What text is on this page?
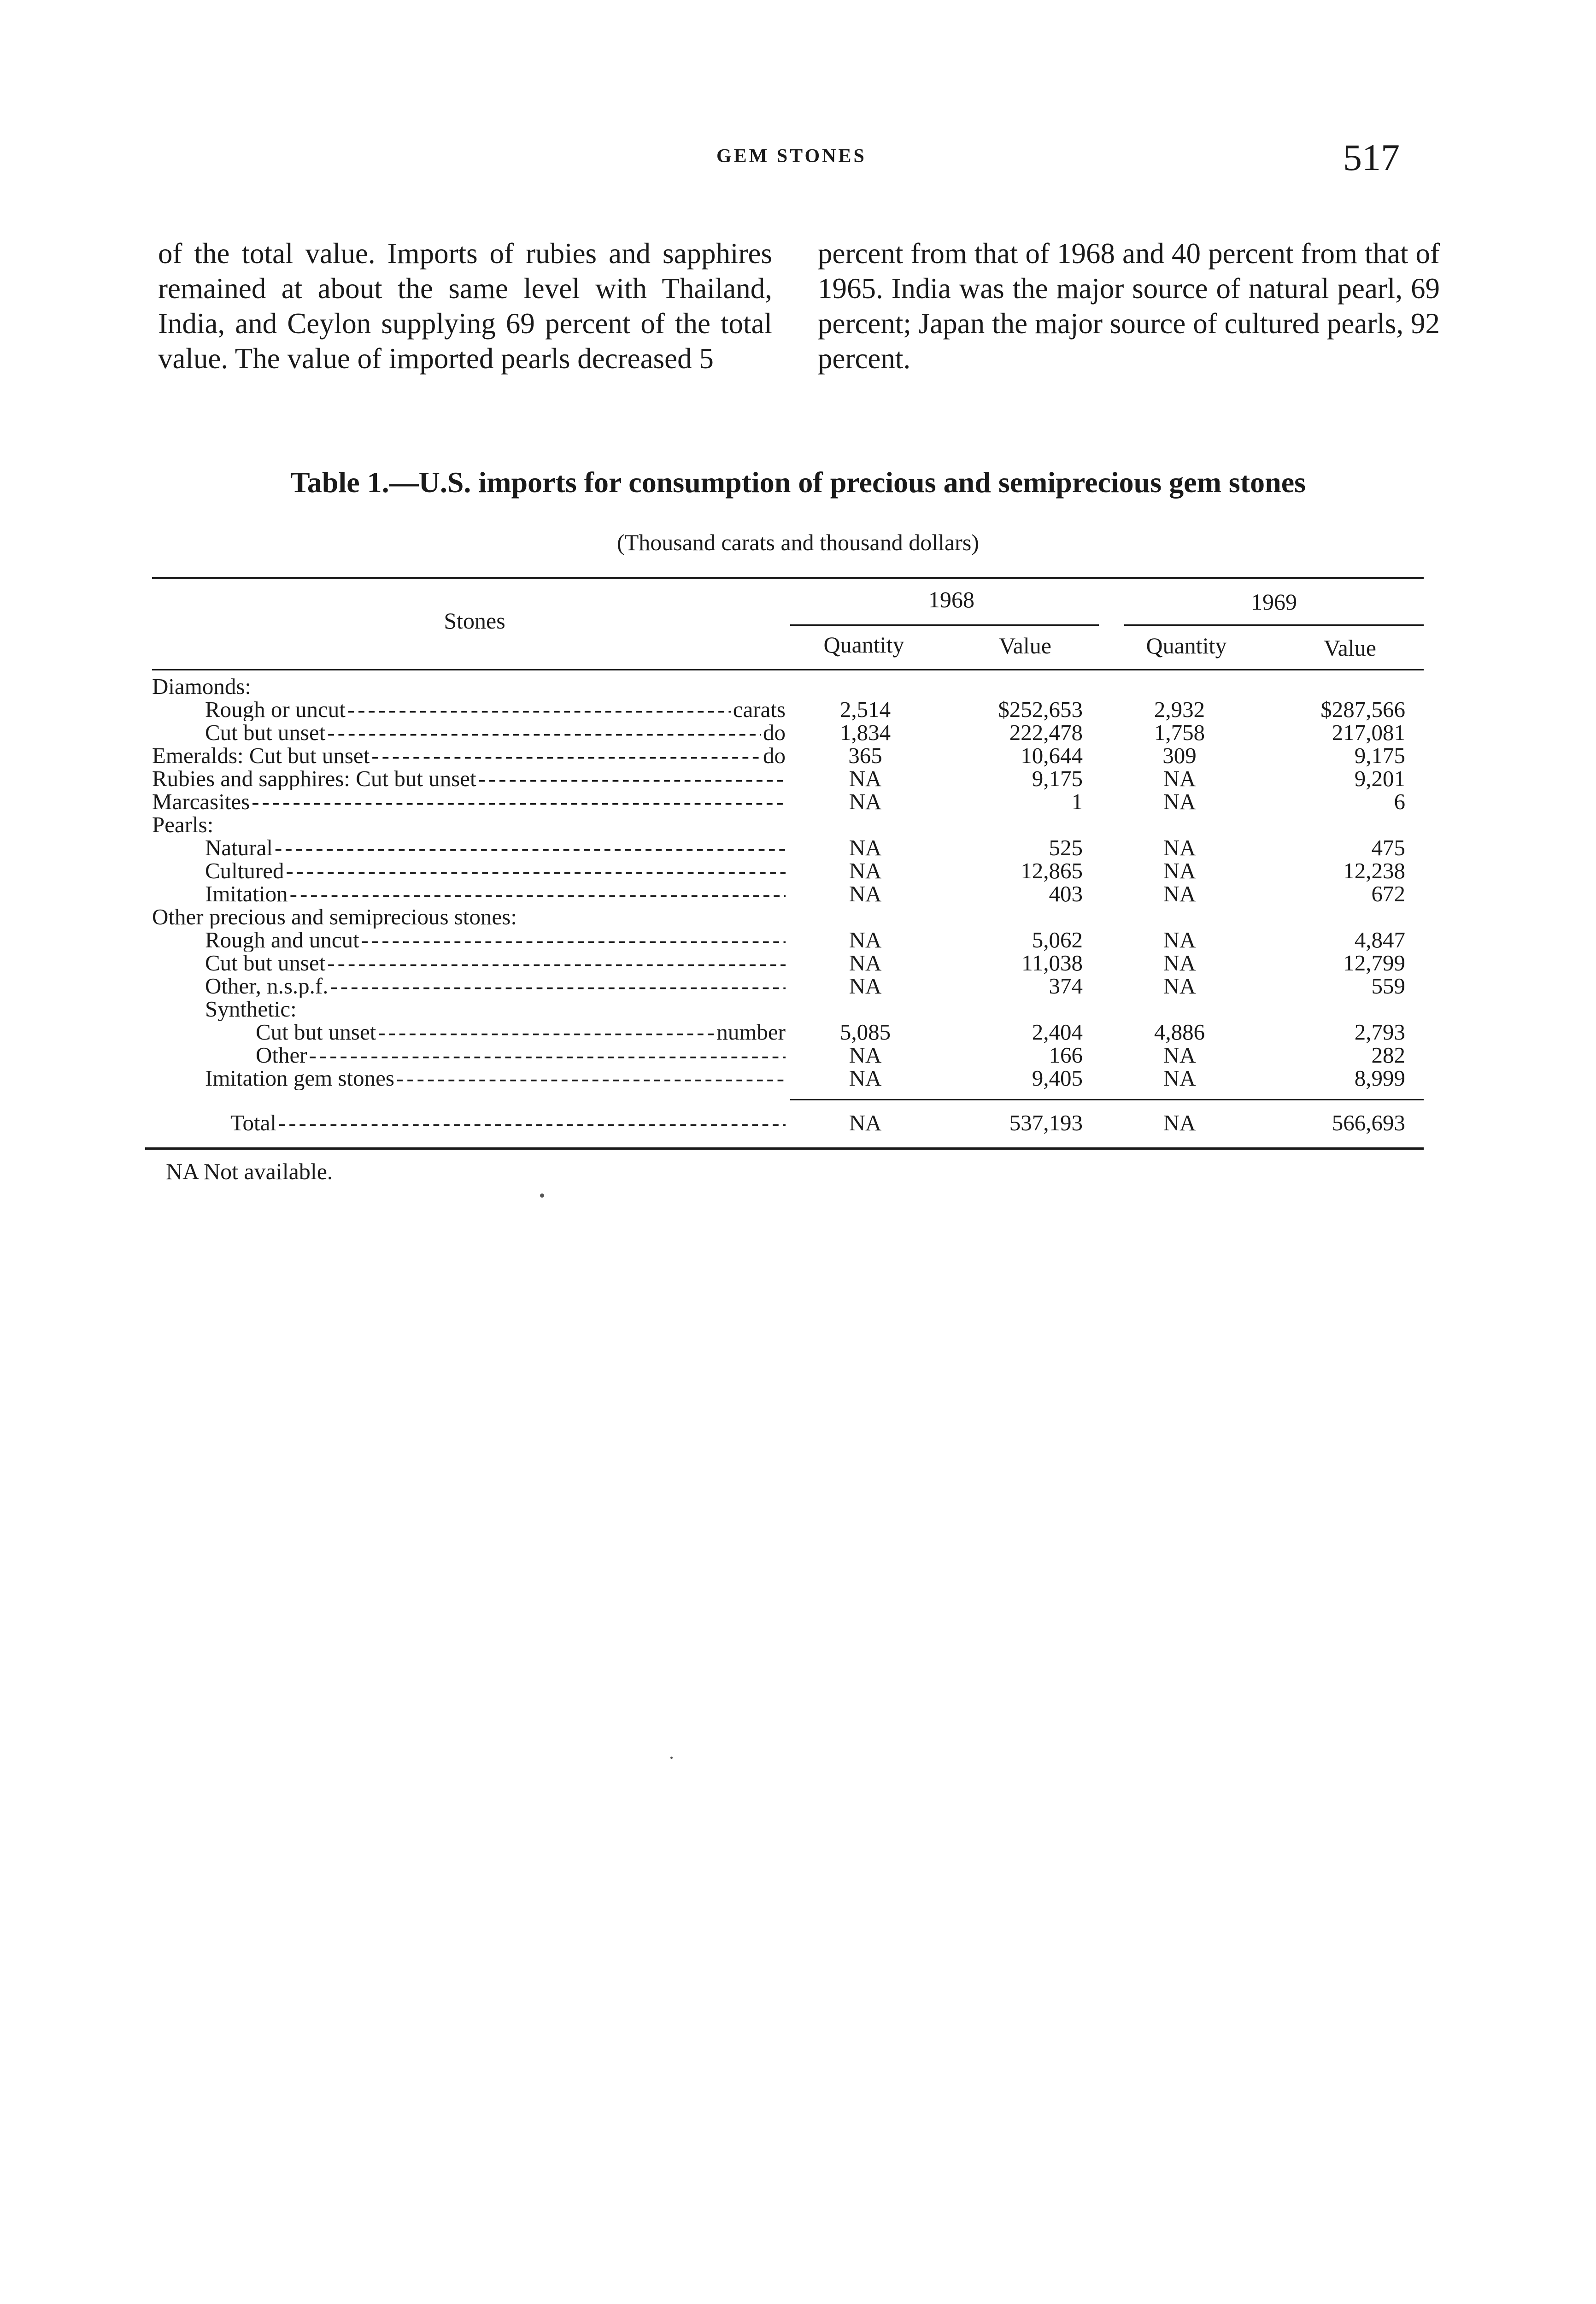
GEM STONES	517
of the total value. Imports of rubies and sapphires remained at about the same level with Thailand, India, and Ceylon supplying 69 percent of the total value. The value of imported pearls decreased 5
percent from that of 1968 and 40 percent from that of 1965. India was the major source of natural pearl, 69 percent; Japan the major source of cultured pearls, 92 percent.
Table 1.—U.S. imports for consumption of precious and semiprecious gem stones
(Thousand carats and thousand dollars)
Stones
1968	1969
Quantity	Value	Quantity	Value
Diamonds:
Rough or uncut -----	carats	2,514	$252,653	2,932	$287,566
Cut but unset -----	do	1,834	222,478	1,758	217,081
Emeralds: Cut but unset -----	do	365	10,644	309	9,175
Rubies and sapphires: Cut but unset -----	NA	9,175	NA	9,201
Marcasites -----	NA	1	NA	6
Pearls:
Natural -----	NA	525	NA	475
Cultured -----	NA	12,865	NA	12,238
Imitation -----	NA	403	NA	672
Other precious and semiprecious stones:
Rough and uncut -----	NA	5,062	NA	4,847
Cut but unset -----	NA	11,038	NA	12,799
Other, n.s.p.f. -----	NA	374	NA	559
Synthetic:
Cut but unset -----	number	5,085	2,404	4,886	2,793
Other -----	NA	166	NA	282
Imitation gem stones -----	NA	9,405	NA	8,999
Total -----	NA	537,193	NA	566,693
NA Not available.
